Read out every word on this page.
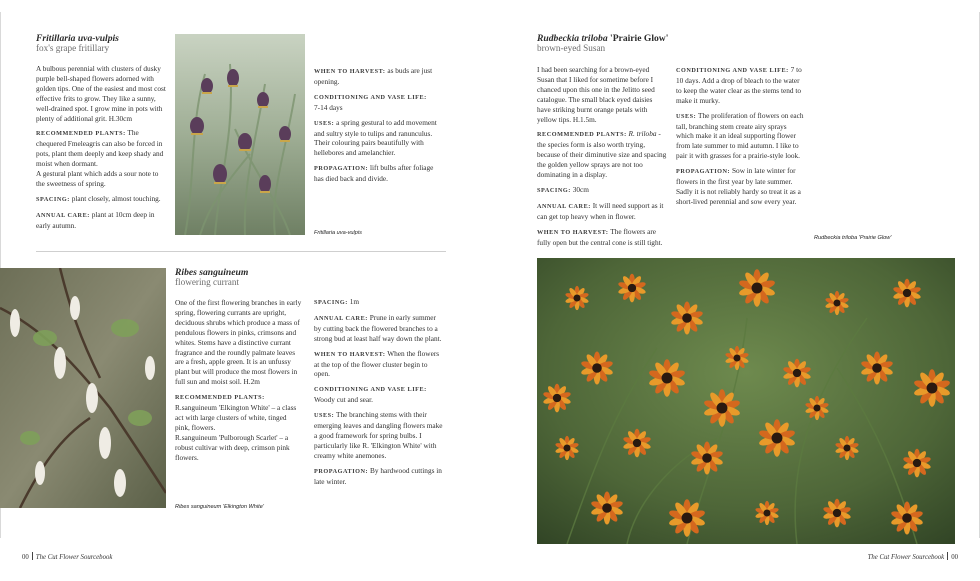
Fritillaria uva-vulpis
fox's grape fritillary

A bulbous perennial with clusters of dusky purple bell-shaped flowers adorned with golden tips. One of the easiest and most cost effective frits to grow. They like a sunny, well-drained spot. I grow mine in pots with plenty of additional grit. H.30cm

RECOMMENDED PLANTS: The chequered Fmeleagris can also be forced in pots, plant them deeply and keep shady and moist when dormant.
A gestural plant which adds a sour note to the sweetness of spring.

SPACING: plant closely, almost touching.

ANNUAL CARE: plant at 10cm deep in early autumn.

WHEN TO HARVEST: as buds are just opening.

CONDITIONING AND VASE LIFE:
7-14 days

USES: a spring gestural to add movement and sultry style to tulips and ranunculus. Their colouring pairs beautifully with hellebores and amelanchier.

PROPAGATION: lift bulbs after foliage has died back and divide.

Fritillaria uva-vulpis
Ribes sanguineum 'Elkington White'
Ribes sanguineum
flowering currant

One of the first flowering branches in early spring, flowering currants are upright, deciduous shrubs which produce a mass of pendulous flowers in pinks, crimsons and whites. Stems have a distinctive currant fragrance and the roundly palmate leaves are a fresh, apple green. It is an unfussy plant but will produce the most flowers in full sun and moist soil. H.2m

RECOMMENDED PLANTS:
R.sanguineum 'Elkington White' – a class act with large clusters of white, tinged pink, flowers.
R.sanguineum 'Pulborough Scarlet' – a robust cultivar with deep, crimson pink flowers.

SPACING: 1m

ANNUAL CARE: Prune in early summer by cutting back the flowered branches to a strong bud at least half way down the plant.

WHEN TO HARVEST: When the flowers at the top of the flower cluster begin to open.

CONDITIONING AND VASE LIFE:
Woody cut and sear.

USES: The branching stems with their emerging leaves and dangling flowers make a good framework for spring bulbs. I particularly like R. 'Elkington White' with creamy white anemones.

PROPAGATION: By hardwood cuttings in late winter.

00 The Cut Flower Sourcebook
Rudbeckia triloba 'Prairie Glow'
brown-eyed Susan

I had been searching for a brown-eyed Susan that I liked for sometime before I chanced upon this one in the Jelitto seed catalogue. The small black eyed daisies have striking burnt orange petals with yellow tips. H.1.5m.

RECOMMENDED PLANTS: R. triloba - the species form is also worth trying, because of their diminutive size and spacing the golden yellow sprays are not too dominating in a display.

SPACING: 30cm

ANNUAL CARE: It will need support as it can get top heavy when in flower.

WHEN TO HARVEST: The flowers are fully open but the central cone is still tight.

CONDITIONING AND VASE LIFE: 7 to 10 days. Add a drop of bleach to the water to keep the water clear as the stems tend to make it murky.

USES: The proliferation of flowers on each tall, branching stem create airy sprays which make it an ideal supporting flower from late summer to mid autumn. I like to pair it with grasses for a prairie-style look.

PROPAGATION: Sow in late winter for flowers in the first year by late summer. Sadly it is not reliably hardy so treat it as a short-lived perennial and sow every year.

Rudbeckia triloba 'Prairie Glow'
The Cut Flower Sourcebook 00
